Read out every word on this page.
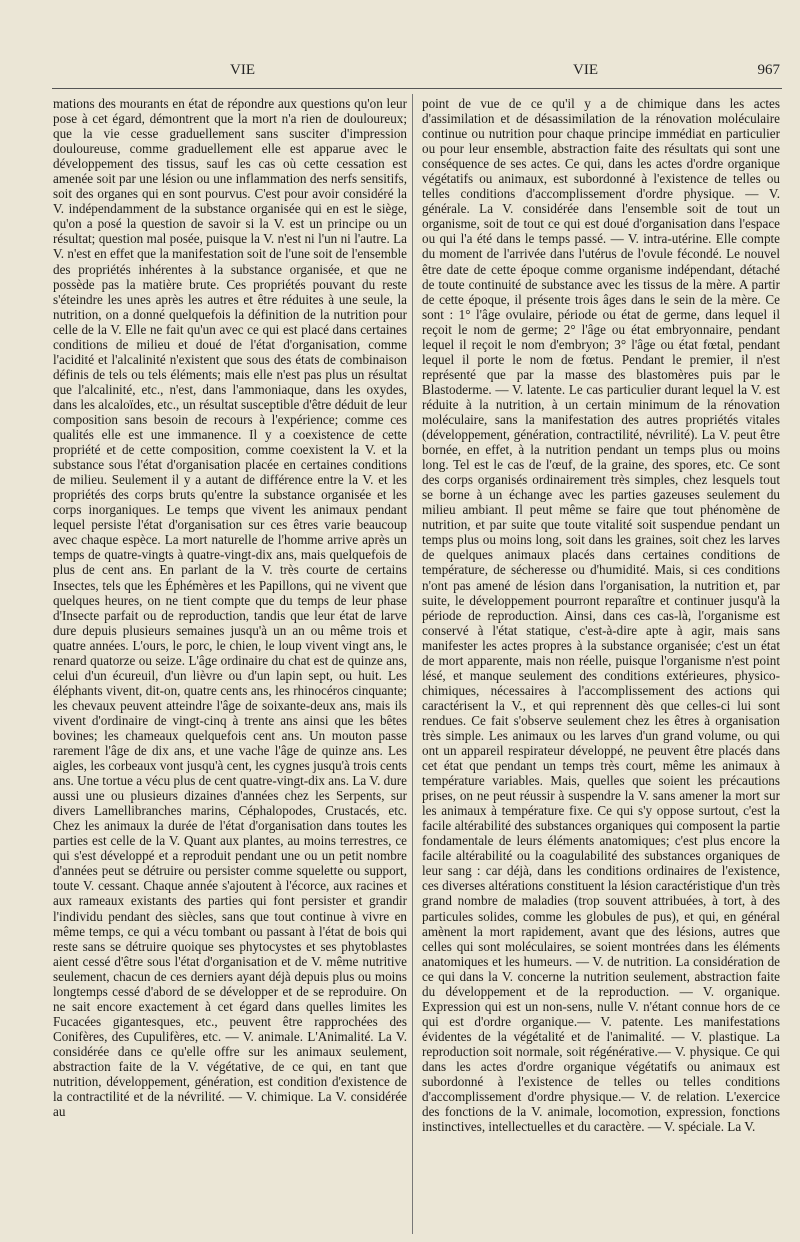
VIE	VIE	967

mations des mourants en état de répondre aux questions qu'on leur pose à cet égard, démontrent que la mort n'a rien de douloureux; que la vie cesse graduellement sans susciter d'impression douloureuse, comme graduellement elle est apparue avec le développement des tissus, sauf les cas où cette cessation est amenée soit par une lésion ou une inflammation des nerfs sensitifs, soit des organes qui en sont pourvus. C'est pour avoir considéré la V. indépendamment de la substance organisée qui en est le siège, qu'on a posé la question de savoir si la V. est un principe ou un résultat; question mal posée, puisque la V. n'est ni l'un ni l'autre. La V. n'est en effet que la manifestation soit de l'une soit de l'ensemble des propriétés inhérentes à la substance organisée, et que ne possède pas la matière brute. Ces propriétés pouvant du reste s'éteindre les unes après les autres et être réduites à une seule, la nutrition, on a donné quelquefois la définition de la nutrition pour celle de la V. Elle ne fait qu'un avec ce qui est placé dans certaines conditions de milieu et doué de l'état d'organisation, comme l'acidité et l'alcalinité n'existent que sous des états de combinaison définis de tels ou tels éléments; mais elle n'est pas plus un résultat que l'alcalinité, etc., n'est, dans l'ammoniaque, dans les oxydes, dans les alcaloïdes, etc., un résultat susceptible d'être déduit de leur composition sans besoin de recours à l'expérience; comme ces qualités elle est une immanence. Il y a coexistence de cette propriété et de cette composition, comme coexistent la V. et la substance sous l'état d'organisation placée en certaines conditions de milieu. Seulement il y a autant de différence entre la V. et les propriétés des corps bruts qu'entre la substance organisée et les corps inorganiques. Le temps que vivent les animaux pendant lequel persiste l'état d'organisation sur ces êtres varie beaucoup avec chaque espèce. La mort naturelle de l'homme arrive après un temps de quatre-vingts à quatre-vingt-dix ans, mais quelquefois de plus de cent ans. En parlant de la V. très courte de certains Insectes, tels que les Éphémères et les Papillons, qui ne vivent que quelques heures, on ne tient compte que du temps de leur phase d'Insecte parfait ou de reproduction, tandis que leur état de larve dure depuis plusieurs semaines jusqu'à un an ou même trois et quatre années. L'ours, le porc, le chien, le loup vivent vingt ans, le renard quatorze ou seize. L'âge ordinaire du chat est de quinze ans, celui d'un écureuil, d'un lièvre ou d'un lapin sept, ou huit. Les éléphants vivent, dit-on, quatre cents ans, les rhinocéros cinquante; les chevaux peuvent atteindre l'âge de soixante-deux ans, mais ils vivent d'ordinaire de vingt-cinq à trente ans ainsi que les bêtes bovines; les chameaux quelquefois cent ans. Un mouton passe rarement l'âge de dix ans, et une vache l'âge de quinze ans. Les aigles, les corbeaux vont jusqu'à cent, les cygnes jusqu'à trois cents ans. Une tortue a vécu plus de cent quatre-vingt-dix ans. La V. dure aussi une ou plusieurs dizaines d'années chez les Serpents, sur divers Lamellibranches marins, Céphalopodes, Crustacés, etc. Chez les animaux la durée de l'état d'organisation dans toutes les parties est celle de la V. Quant aux plantes, au moins terrestres, ce qui s'est développé et a reproduit pendant une ou un petit nombre d'années peut se détruire ou persister comme squelette ou support, toute V. cessant. Chaque année s'ajoutent à l'écorce, aux racines et aux rameaux existants des parties qui font persister et grandir l'individu pendant des siècles, sans que tout continue à vivre en même temps, ce qui a vécu tombant ou passant à l'état de bois qui reste sans se détruire quoique ses phytocystes et ses phytoblastes aient cessé d'être sous l'état d'organisation et de V. même nutritive seulement, chacun de ces derniers ayant déjà depuis plus ou moins longtemps cessé d'abord de se développer et de se reproduire. On ne sait encore exactement à cet égard dans quelles limites les Fucacées gigantesques, etc., peuvent être rapprochées des Conifères, des Cupulifères, etc. — V. animale. L'Animalité. La V. considérée dans ce qu'elle offre sur les animaux seulement, abstraction faite de la V. végétative, de ce qui, en tant que nutrition, développement, génération, est condition d'existence de la contractilité et de la névrilité. — V. chimique. La V. considérée au

point de vue de ce qu'il y a de chimique dans les actes d'assimilation et de désassimilation de la rénovation moléculaire continue ou nutrition pour chaque principe immédiat en particulier ou pour leur ensemble, abstraction faite des résultats qui sont une conséquence de ses actes. Ce qui, dans les actes d'ordre organique végétatifs ou animaux, est subordonné à l'existence de telles ou telles conditions d'accomplissement d'ordre physique. — V. générale. La V. considérée dans l'ensemble soit de tout un organisme, soit de tout ce qui est doué d'organisation dans l'espace ou qui l'a été dans le temps passé. — V. intra-utérine. Elle compte du moment de l'arrivée dans l'utérus de l'ovule fécondé. Le nouvel être date de cette époque comme organisme indépendant, détaché de toute continuité de substance avec les tissus de la mère. A partir de cette époque, il présente trois âges dans le sein de la mère. Ce sont : 1° l'âge ovulaire, période ou état de germe, dans lequel il reçoit le nom de germe; 2° l'âge ou état embryonnaire, pendant lequel il reçoit le nom d'embryon; 3° l'âge ou état fœtal, pendant lequel il porte le nom de fœtus. Pendant le premier, il n'est représenté que par la masse des blastomères puis par le Blastoderme. — V. latente. Le cas particulier durant lequel la V. est réduite à la nutrition, à un certain minimum de la rénovation moléculaire, sans la manifestation des autres propriétés vitales (développement, génération, contractilité, névrilité). La V. peut être bornée, en effet, à la nutrition pendant un temps plus ou moins long. Tel est le cas de l'œuf, de la graine, des spores, etc. Ce sont des corps organisés ordinairement très simples, chez lesquels tout se borne à un échange avec les parties gazeuses seulement du milieu ambiant. Il peut même se faire que tout phénomène de nutrition, et par suite que toute vitalité soit suspendue pendant un temps plus ou moins long, soit dans les graines, soit chez les larves de quelques animaux placés dans certaines conditions de température, de sécheresse ou d'humidité. Mais, si ces conditions n'ont pas amené de lésion dans l'organisation, la nutrition et, par suite, le développement pourront reparaître et continuer jusqu'à la période de reproduction. Ainsi, dans ces cas-là, l'organisme est conservé à l'état statique, c'est-à-dire apte à agir, mais sans manifester les actes propres à la substance organisée; c'est un état de mort apparente, mais non réelle, puisque l'organisme n'est point lésé, et manque seulement des conditions extérieures, physico-chimiques, nécessaires à l'accomplissement des actions qui caractérisent la V., et qui reprennent dès que celles-ci lui sont rendues. Ce fait s'observe seulement chez les êtres à organisation très simple. Les animaux ou les larves d'un grand volume, ou qui ont un appareil respirateur développé, ne peuvent être placés dans cet état que pendant un temps très court, même les animaux à température variables. Mais, quelles que soient les précautions prises, on ne peut réussir à suspendre la V. sans amener la mort sur les animaux à température fixe. Ce qui s'y oppose surtout, c'est la facile altérabilité des substances organiques qui composent la partie fondamentale de leurs éléments anatomiques; c'est plus encore la facile altérabilité ou la coagulabilité des substances organiques de leur sang : car déjà, dans les conditions ordinaires de l'existence, ces diverses altérations constituent la lésion caractéristique d'un très grand nombre de maladies (trop souvent attribuées, à tort, à des particules solides, comme les globules de pus), et qui, en général amènent la mort rapidement, avant que des lésions, autres que celles qui sont moléculaires, se soient montrées dans les éléments anatomiques et les humeurs. — V. de nutrition. La considération de ce qui dans la V. concerne la nutrition seulement, abstraction faite du développement et de la reproduction. — V. organique. Expression qui est un non-sens, nulle V. n'étant connue hors de ce qui est d'ordre organique.— V. patente. Les manifestations évidentes de la végétalité et de l'animalité. — V. plastique. La reproduction soit normale, soit régénérative.— V. physique. Ce qui dans les actes d'ordre organique végétatifs ou animaux est subordonné à l'existence de telles ou telles conditions d'accomplissement d'ordre physique.— V. de relation. L'exercice des fonctions de la V. animale, locomotion, expression, fonctions instinctives, intellectuelles et du caractère. — V. spéciale. La V.
